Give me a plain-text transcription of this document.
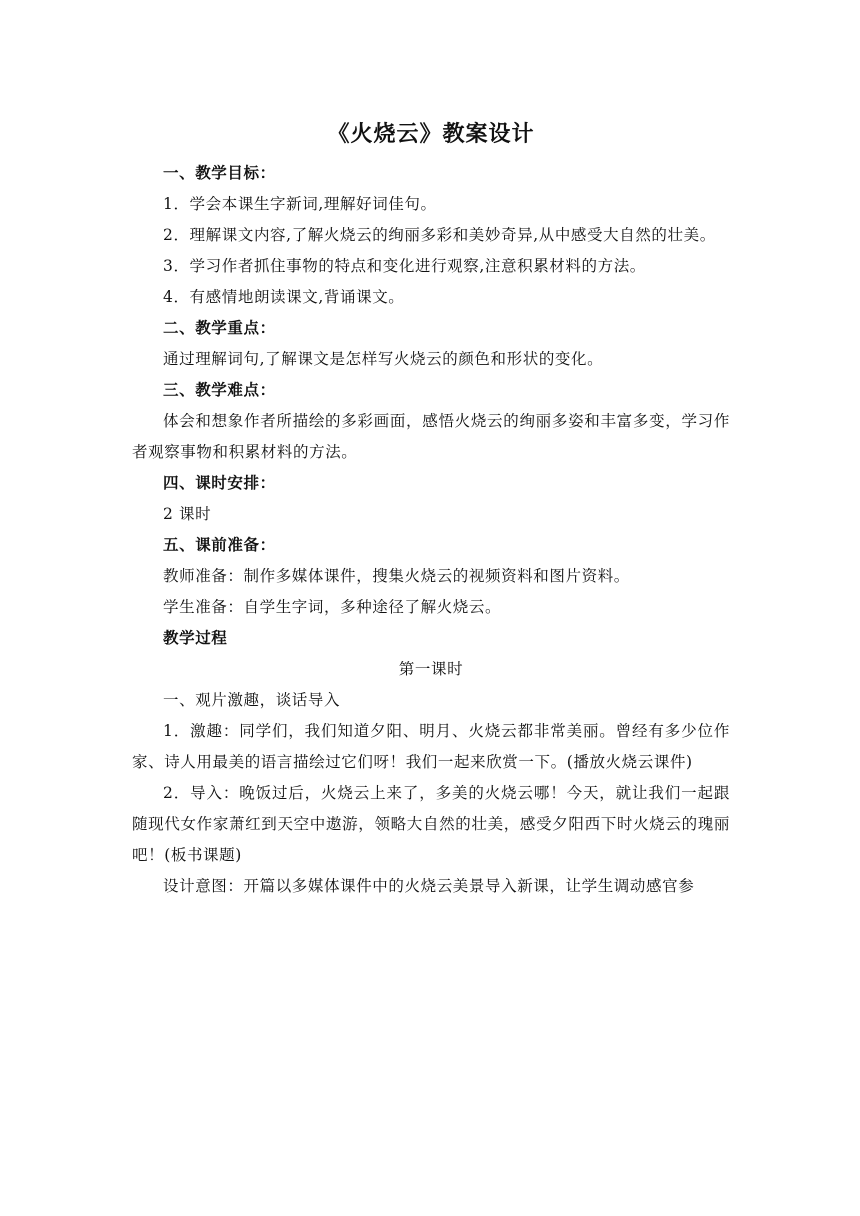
《火烧云》教案设计

一、教学目标：

1．学会本课生字新词,理解好词佳句。

2．理解课文内容,了解火烧云的绚丽多彩和美妙奇异,从中感受大自然的壮美。

3．学习作者抓住事物的特点和变化进行观察,注意积累材料的方法。

4．有感情地朗读课文,背诵课文。

二、教学重点：

通过理解词句,了解课文是怎样写火烧云的颜色和形状的变化。

三、教学难点：

体会和想象作者所描绘的多彩画面，感悟火烧云的绚丽多姿和丰富多变，学习作者观察事物和积累材料的方法。

四、课时安排：

2 课时

五、课前准备：

教师准备：制作多媒体课件，搜集火烧云的视频资料和图片资料。

学生准备：自学生字词，多种途径了解火烧云。

教学过程

第一课时

一、观片激趣，谈话导入

1．激趣：同学们，我们知道夕阳、明月、火烧云都非常美丽。曾经有多少位作家、诗人用最美的语言描绘过它们呀！我们一起来欣赏一下。(播放火烧云课件)

2．导入：晚饭过后，火烧云上来了，多美的火烧云哪！今天，就让我们一起跟随现代女作家萧红到天空中遨游，领略大自然的壮美，感受夕阳西下时火烧云的瑰丽吧！(板书课题)

设计意图：开篇以多媒体课件中的火烧云美景导入新课，让学生调动感官参
